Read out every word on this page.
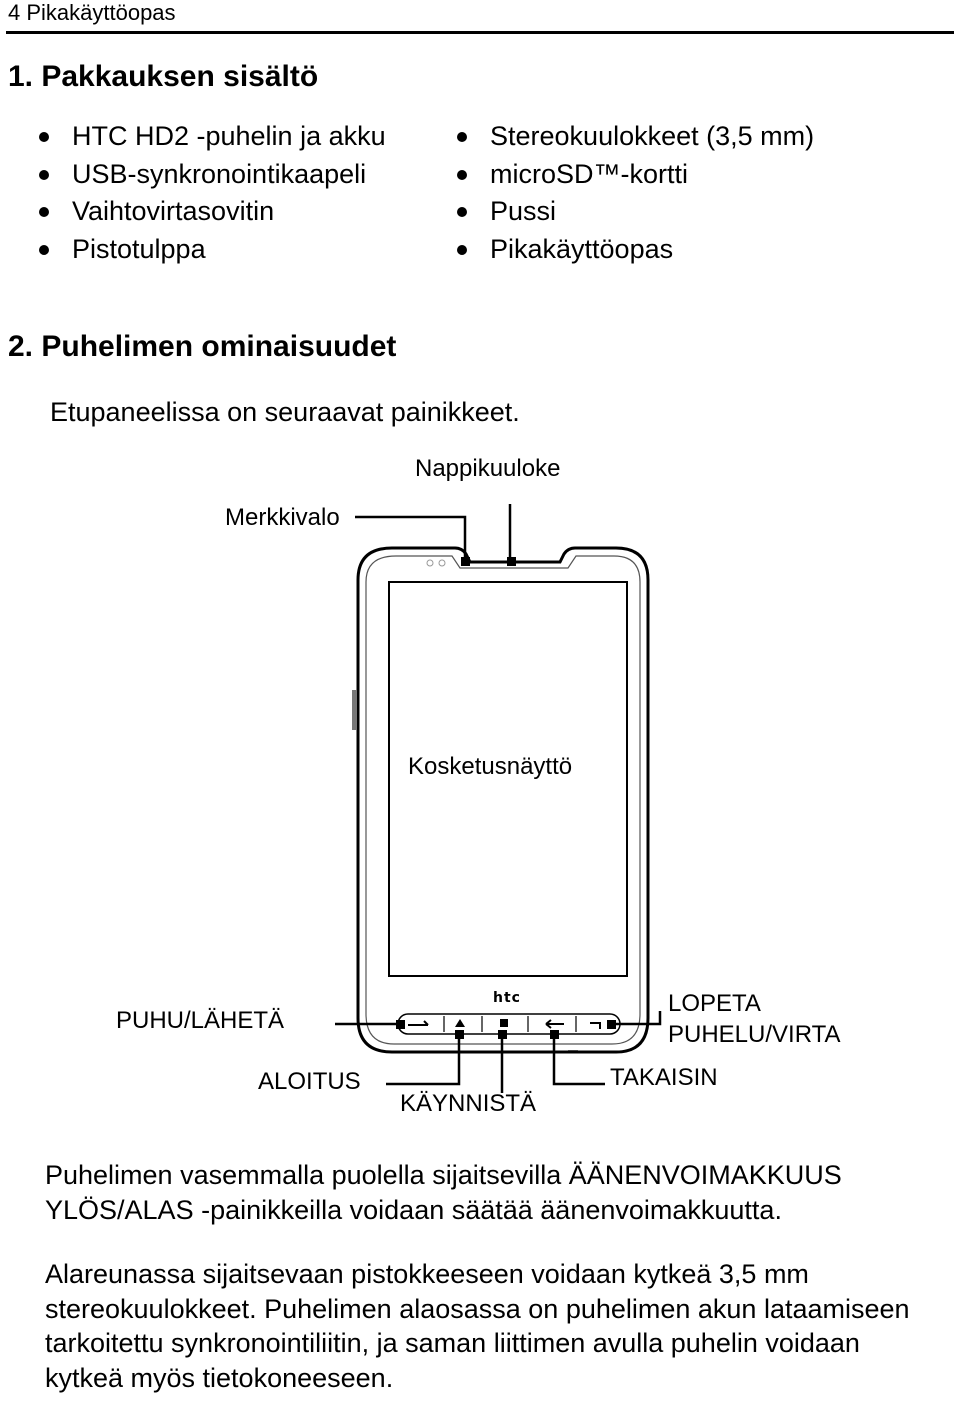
4 Pikakäyttöopas
1. Pakkauksen sisältö
HTC HD2 -puhelin ja akku
USB-synkronointikaapeli
Vaihtovirtasovitin
Pistotulppa
Stereokuulokkeet (3,5 mm)
microSD™-kortti
Pussi
Pikakäyttöopas
2. Puhelimen ominaisuudet
Etupaneelissa on seuraavat painikkeet.
htc
Nappikuuloke
Merkkivalo
Kosketusnäyttö
PUHU/LÄHETÄ
LOPETA
PUHELU/VIRTA
ALOITUS
KÄYNNISTÄ
TAKAISIN

Puhelimen vasemmalla puolella sijaitsevilla ÄÄNENVOIMAKKUUS YLÖS/ALAS -painikkeilla voidaan säätää äänenvoimakkuutta.

Alareunassa sijaitsevaan pistokkeeseen voidaan kytkeä 3,5 mm stereokuulokkeet. Puhelimen alaosassa on puhelimen akun lataamiseen tarkoitettu synkronointiliitin, ja saman liittimen avulla puhelin voidaan kytkeä myös tietokoneeseen.
